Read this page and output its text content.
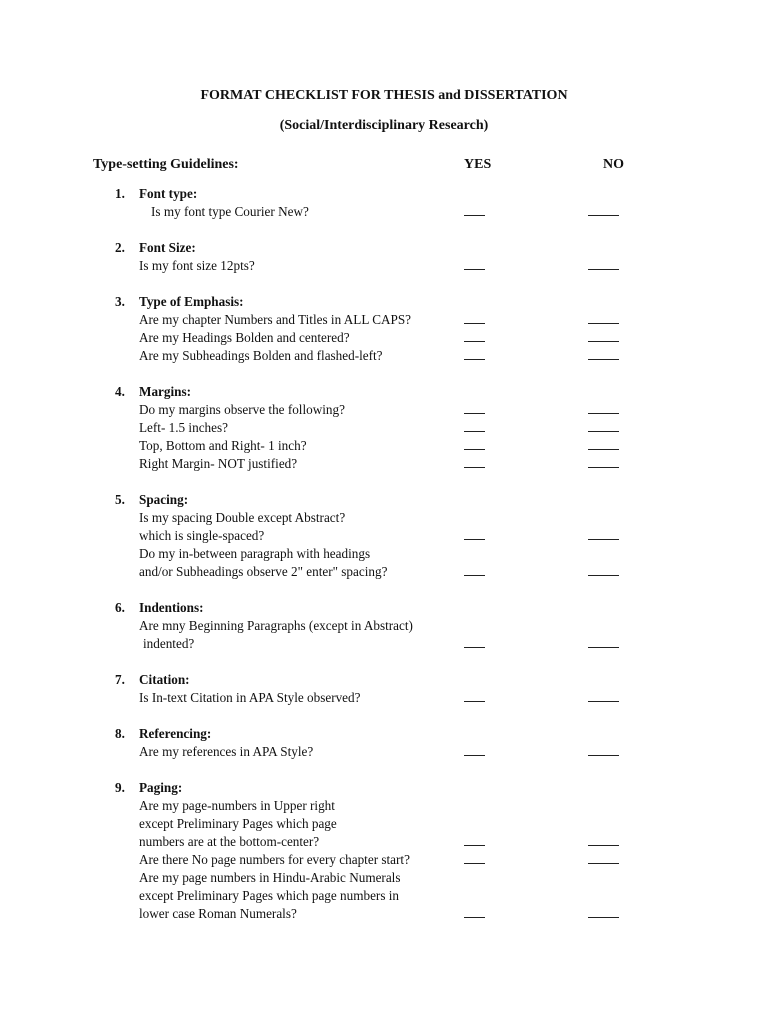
FORMAT CHECKLIST FOR THESIS and DISSERTATION
(Social/Interdisciplinary Research)
Type-setting Guidelines:	YES	NO
1. Font type:
Is my font type Courier New?
2. Font Size:
Is my font size 12pts?
3. Type of Emphasis:
Are my chapter Numbers and Titles in ALL CAPS?
Are my Headings Bolden and centered?
Are my Subheadings Bolden and flashed-left?
4. Margins:
Do my margins observe the following?
Left- 1.5 inches?
Top, Bottom and Right- 1 inch?
Right Margin- NOT justified?
5. Spacing:
Is my spacing Double except Abstract?
which is single-spaced?
Do my in-between paragraph with headings
and/or Subheadings observe 2" enter" spacing?
6. Indentions:
Are mny Beginning Paragraphs (except in Abstract)
indented?
7. Citation:
Is In-text Citation in APA Style observed?
8. Referencing:
Are my references in APA Style?
9. Paging:
Are my page-numbers in Upper right
except Preliminary Pages which page
numbers are at the bottom-center?
Are there No page numbers for every chapter start?
Are my page numbers in Hindu-Arabic Numerals
except Preliminary Pages which page numbers in
lower case Roman Numerals?
